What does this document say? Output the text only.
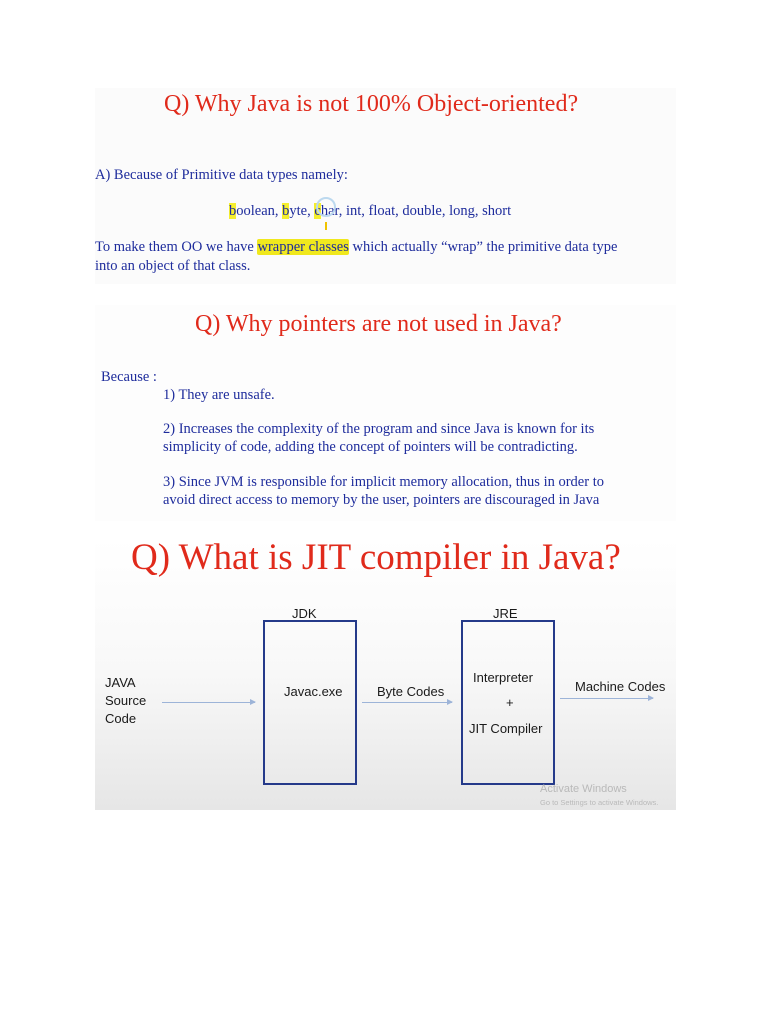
Q) Why Java is not 100% Object-oriented?

A) Because of Primitive data types namely:

boolean, byte, char, int, float, double, long, short

To make them OO we have wrapper classes which actually “wrap” the primitive data type

into an object of that class.

Q) Why pointers are not used in Java?

Because :

1) They are unsafe.

2) Increases the complexity of the program and since Java is known for its

simplicity of code, adding the concept of pointers will be contradicting.

3) Since JVM is responsible for implicit memory allocation, thus in order to

avoid direct access to memory by the user, pointers are discouraged in Java

Q) What is JIT compiler in Java?
JDK	JRE
JAVA
Source
Code
Javac.exe	Byte Codes
Interpreter
+
JIT Compiler
Machine Codes
Activate Windows
Go to Settings to activate Windows.
